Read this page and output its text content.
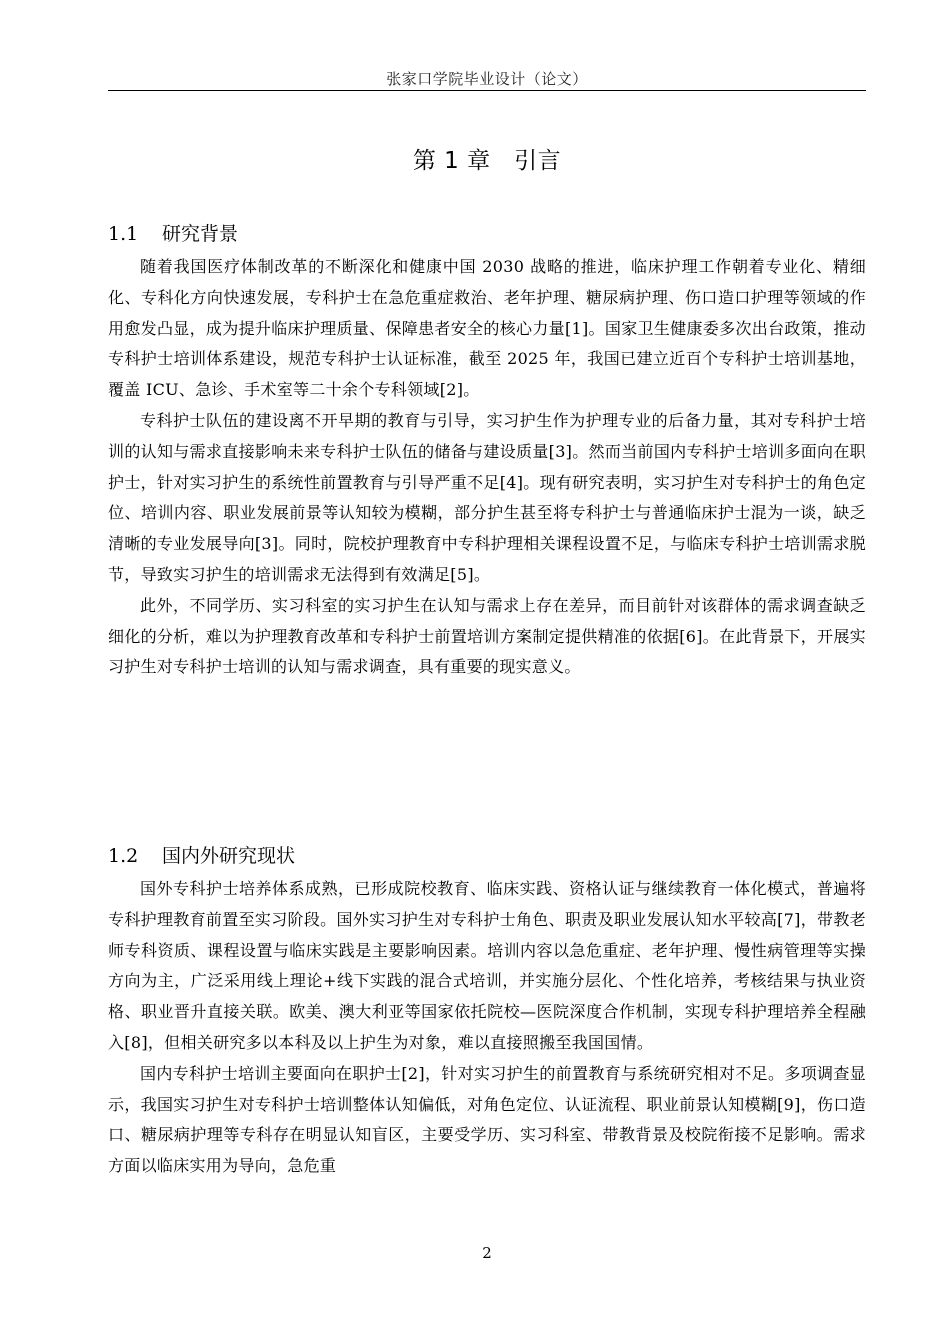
张家口学院毕业设计（论文）
第 1 章　引言
1.1 研究背景

随着我国医疗体制改革的不断深化和健康中国 2030 战略的推进，临床护理工作朝着专业化、精细化、专科化方向快速发展，专科护士在急危重症救治、老年护理、糖尿病护理、伤口造口护理等领域的作用愈发凸显，成为提升临床护理质量、保障患者安全的核心力量[1]。国家卫生健康委多次出台政策，推动专科护士培训体系建设，规范专科护士认证标准，截至 2025 年，我国已建立近百个专科护士培训基地，覆盖 ICU、急诊、手术室等二十余个专科领域[2]。

专科护士队伍的建设离不开早期的教育与引导，实习护生作为护理专业的后备力量，其对专科护士培训的认知与需求直接影响未来专科护士队伍的储备与建设质量[3]。然而当前国内专科护士培训多面向在职护士，针对实习护生的系统性前置教育与引导严重不足[4]。现有研究表明，实习护生对专科护士的角色定位、培训内容、职业发展前景等认知较为模糊，部分护生甚至将专科护士与普通临床护士混为一谈，缺乏清晰的专业发展导向[3]。同时，院校护理教育中专科护理相关课程设置不足，与临床专科护士培训需求脱节，导致实习护生的培训需求无法得到有效满足[5]。

此外，不同学历、实习科室的实习护生在认知与需求上存在差异，而目前针对该群体的需求调查缺乏细化的分析，难以为护理教育改革和专科护士前置培训方案制定提供精准的依据[6]。在此背景下，开展实习护生对专科护士培训的认知与需求调查，具有重要的现实意义。

1.2 国内外研究现状

国外专科护士培养体系成熟，已形成院校教育、临床实践、资格认证与继续教育一体化模式，普遍将专科护理教育前置至实习阶段。国外实习护生对专科护士角色、职责及职业发展认知水平较高[7]，带教老师专科资质、课程设置与临床实践是主要影响因素。培训内容以急危重症、老年护理、慢性病管理等实操方向为主，广泛采用线上理论+线下实践的混合式培训，并实施分层化、个性化培养，考核结果与执业资格、职业晋升直接关联。欧美、澳大利亚等国家依托院校—医院深度合作机制，实现专科护理培养全程融入[8]，但相关研究多以本科及以上护生为对象，难以直接照搬至我国国情。

国内专科护士培训主要面向在职护士[2]，针对实习护生的前置教育与系统研究相对不足。多项调查显示，我国实习护生对专科护士培训整体认知偏低，对角色定位、认证流程、职业前景认知模糊[9]，伤口造口、糖尿病护理等专科存在明显认知盲区，主要受学历、实习科室、带教背景及校院衔接不足影响。需求方面以临床实用为导向，急危重

2
